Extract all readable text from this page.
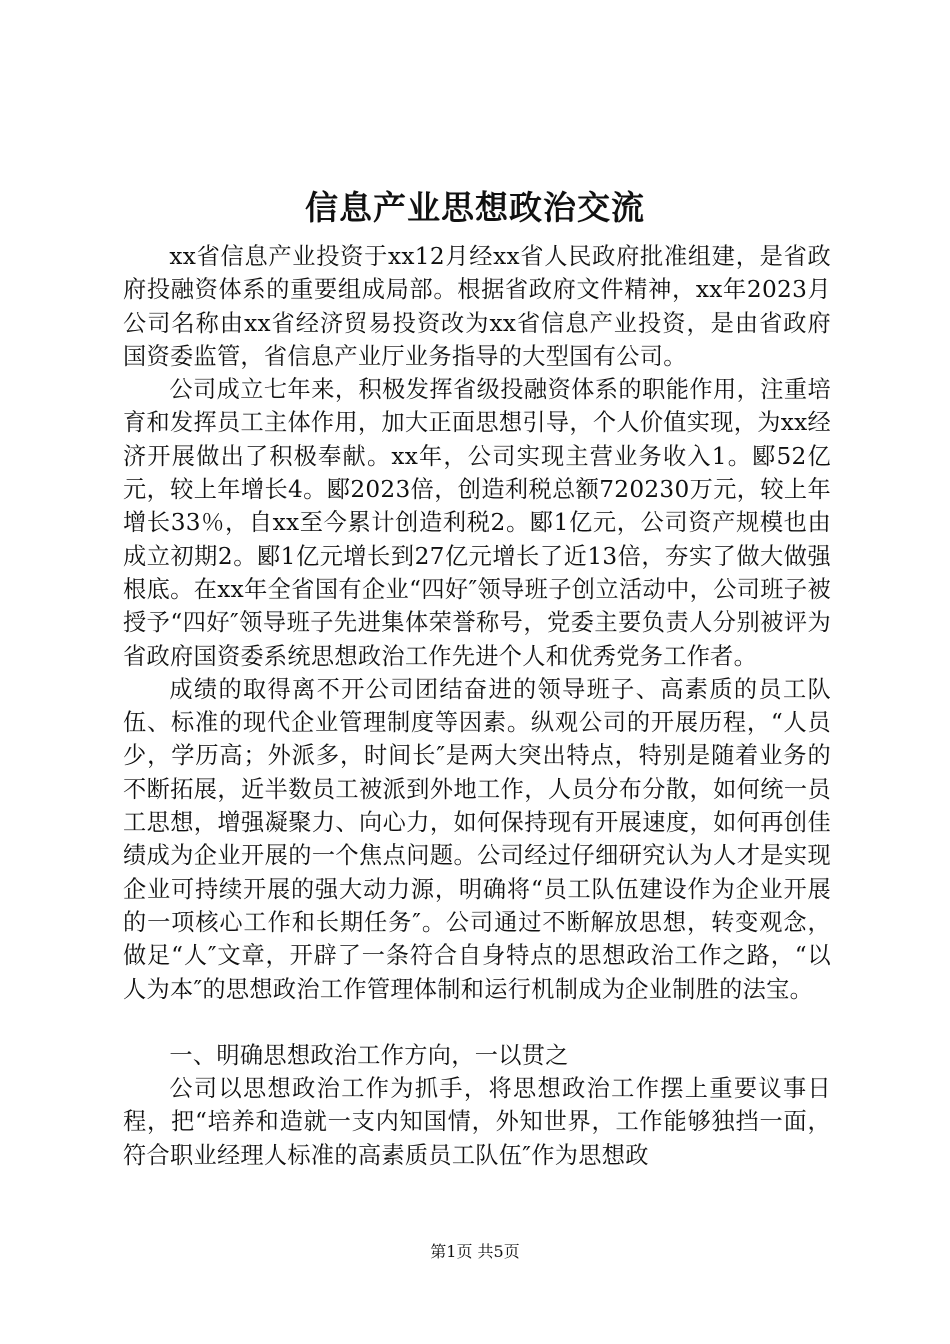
信息产业思想政治交流

xx省信息产业投资于xx12月经xx省人民政府批准组建，是省政府投融资体系的重要组成局部。根据省政府文件精神，xx年2023月公司名称由xx省经济贸易投资改为xx省信息产业投资，是由省政府国资委监管，省信息产业厅业务指导的大型国有公司。

公司成立七年来，积极发挥省级投融资体系的职能作用，注重培育和发挥员工主体作用，加大正面思想引导，个人价值实现，为xx经济开展做出了积极奉献。xx年，公司实现主营业务收入1。郾52亿元，较上年增长4。郾2023倍，创造利税总额720230万元，较上年增长33％，自xx至今累计创造利税2。郾1亿元，公司资产规模也由成立初期2。郾1亿元增长到27亿元增长了近13倍，夯实了做大做强根底。在xx年全省国有企业“四好″领导班子创立活动中，公司班子被授予“四好″领导班子先进集体荣誉称号，党委主要负责人分别被评为省政府国资委系统思想政治工作先进个人和优秀党务工作者。

成绩的取得离不开公司团结奋进的领导班子、高素质的员工队伍、标准的现代企业管理制度等因素。纵观公司的开展历程，“人员少，学历高；外派多，时间长″是两大突出特点，特别是随着业务的不断拓展，近半数员工被派到外地工作，人员分布分散，如何统一员工思想，增强凝聚力、向心力，如何保持现有开展速度，如何再创佳绩成为企业开展的一个焦点问题。公司经过仔细研究认为人才是实现企业可持续开展的强大动力源，明确将“员工队伍建设作为企业开展的一项核心工作和长期任务″。公司通过不断解放思想，转变观念，做足“人″文章，开辟了一条符合自身特点的思想政治工作之路，“以人为本″的思想政治工作管理体制和运行机制成为企业制胜的法宝。

一、明确思想政治工作方向，一以贯之

公司以思想政治工作为抓手，将思想政治工作摆上重要议事日程，把“培养和造就一支内知国情，外知世界，工作能够独挡一面，符合职业经理人标准的高素质员工队伍″作为思想政

第1页 共5页
